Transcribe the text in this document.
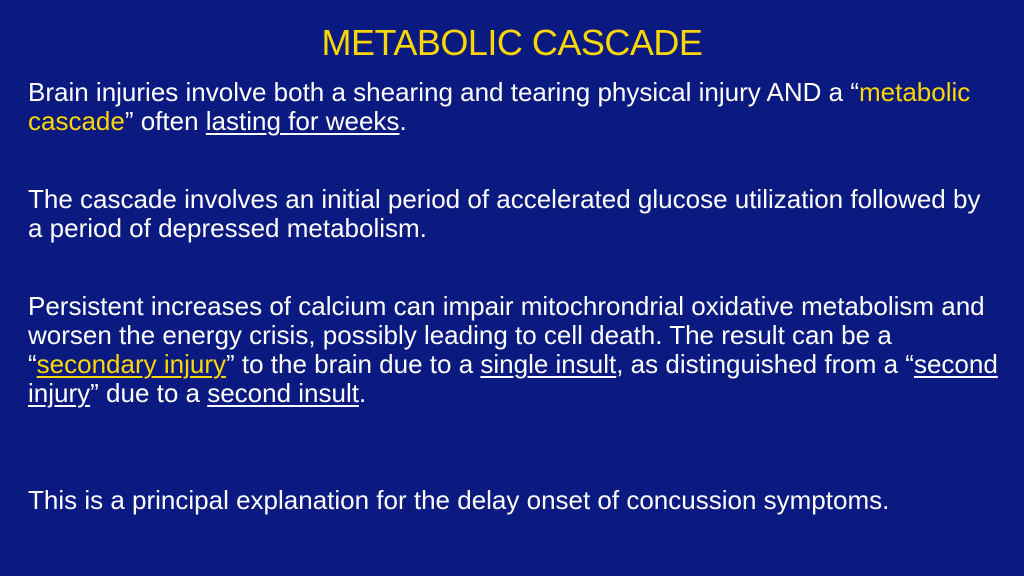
METABOLIC CASCADE
Brain injuries involve both a shearing and tearing physical injury AND a “metabolic cascade” often lasting for weeks.
The cascade involves an initial period of accelerated glucose utilization followed by a period of depressed metabolism.
Persistent increases of calcium can impair mitochrondrial oxidative metabolism and worsen the energy crisis, possibly leading to cell death. The result can be a “secondary injury” to the brain due to a single insult, as distinguished from a “second injury” due to a second insult.
This is a principal explanation for the delay onset of concussion symptoms.
